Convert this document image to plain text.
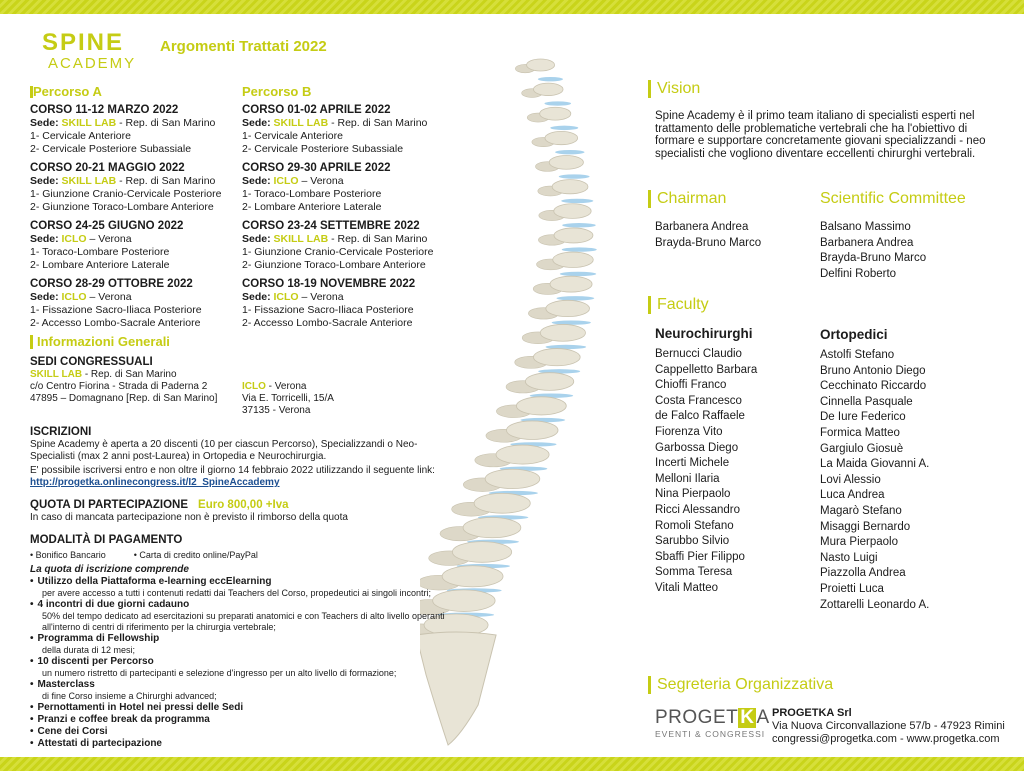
SPINE
ACADEMY
Argomenti Trattati 2022
Percorso A
CORSO 11-12 MARZO 2022
Sede: SKILL LAB - Rep. di San Marino
1- Cervicale Anteriore
2- Cervicale Posteriore Subassiale
CORSO 20-21 MAGGIO 2022
Sede: SKILL LAB - Rep. di San Marino
1- Giunzione Cranio-Cervicale Posteriore
2- Giunzione Toraco-Lombare Anteriore
CORSO 24-25 GIUGNO 2022
Sede: ICLO – Verona
1- Toraco-Lombare Posteriore
2- Lombare Anteriore Laterale
CORSO 28-29 OTTOBRE 2022
Sede: ICLO – Verona
1- Fissazione Sacro-Iliaca Posteriore
2- Accesso Lombo-Sacrale Anteriore
Percorso B
CORSO 01-02 APRILE 2022
Sede: SKILL LAB - Rep. di San Marino
1- Cervicale Anteriore
2- Cervicale Posteriore Subassiale
CORSO 29-30 APRILE 2022
Sede: ICLO – Verona
1- Toraco-Lombare Posteriore
2- Lombare Anteriore Laterale
CORSO 23-24 SETTEMBRE 2022
Sede: SKILL LAB - Rep. di San Marino
1- Giunzione Cranio-Cervicale Posteriore
2- Giunzione Toraco-Lombare Anteriore
CORSO 18-19 NOVEMBRE 2022
Sede: ICLO – Verona
1- Fissazione Sacro-Iliaca Posteriore
2- Accesso Lombo-Sacrale Anteriore
Informazioni Generali
SEDI CONGRESSUALI
SKILL LAB - Rep. di San Marino
c/o Centro Fiorina - Strada di Paderna 2
47895 – Domagnano [Rep. di San Marino]
ICLO - Verona
Via E. Torricelli, 15/A
37135 - Verona
ISCRIZIONI
Spine Academy è aperta a 20 discenti (10 per ciascun Percorso), Specializzandi o Neo-Specialisti (max 2 anni post-Laurea) in Ortopedia e Neurochirurgia.
E' possibile iscriversi entro e non oltre il giorno 14 febbraio 2022 utilizzando il seguente link:
http://progetka.onlinecongress.it/I2_SpineAccademy
QUOTA DI PARTECIPAZIONE Euro 800,00 +Iva
In caso di mancata partecipazione non è previsto il rimborso della quota
MODALITÀ DI PAGAMENTO
• Bonifico Bancario	• Carta di credito online/PayPal
La quota di iscrizione comprende
• Utilizzo della Piattaforma e-learning eccElearning
per avere accesso a tutti i contenuti redatti dai Teachers del Corso, propedeutici ai singoli incontri;
• 4 incontri di due giorni cadauno
50% del tempo dedicato ad esercitazioni su preparati anatomici e con Teachers di alto livello operanti all'interno di centri di riferimento per la chirurgia vertebrale;
• Programma di Fellowship
della durata di 12 mesi;
• 10 discenti per Percorso
un numero ristretto di partecipanti e selezione d'ingresso per un alto livello di formazione;
• Masterclass
di fine Corso insieme a Chirurghi advanced;
• Pernottamenti in Hotel nei pressi delle Sedi
• Pranzi e coffee break da programma
• Cene dei Corsi
• Attestati di partecipazione
Vision
Spine Academy è il primo team italiano di specialisti esperti nel trattamento delle problematiche vertebrali che ha l'obiettivo di formare e supportare concretamente giovani specializzandi - neo specialisti che vogliono diventare eccellenti chirurghi vertebrali.
Chairman
Barbanera Andrea
Brayda-Bruno Marco
Scientific Committee
Balsano Massimo
Barbanera Andrea
Brayda-Bruno Marco
Delfini Roberto
Faculty
Neurochirurghi
Bernucci Claudio
Cappelletto Barbara
Chioffi Franco
Costa Francesco
de Falco Raffaele
Fiorenza Vito
Garbossa Diego
Incerti Michele
Melloni Ilaria
Nina Pierpaolo
Ricci Alessandro
Romoli Stefano
Sarubbo Silvio
Sbaffi Pier Filippo
Somma Teresa
Vitali Matteo
Ortopedici
Astolfi Stefano
Bruno Antonio Diego
Cecchinato Riccardo
Cinnella Pasquale
De Iure Federico
Formica Matteo
Gargiulo Giosuè
La Maida Giovanni A.
Lovi Alessio
Luca Andrea
Magarò Stefano
Misaggi Bernardo
Mura Pierpaolo
Nasto Luigi
Piazzolla Andrea
Proietti Luca
Zottarelli Leonardo A.
Segreteria Organizzativa
PROGET K A
EVENTI & CONGRESSI
PROGETKA Srl
Via Nuova Circonvallazione 57/b - 47923 Rimini
congressi@progetka.com - www.progetka.com
